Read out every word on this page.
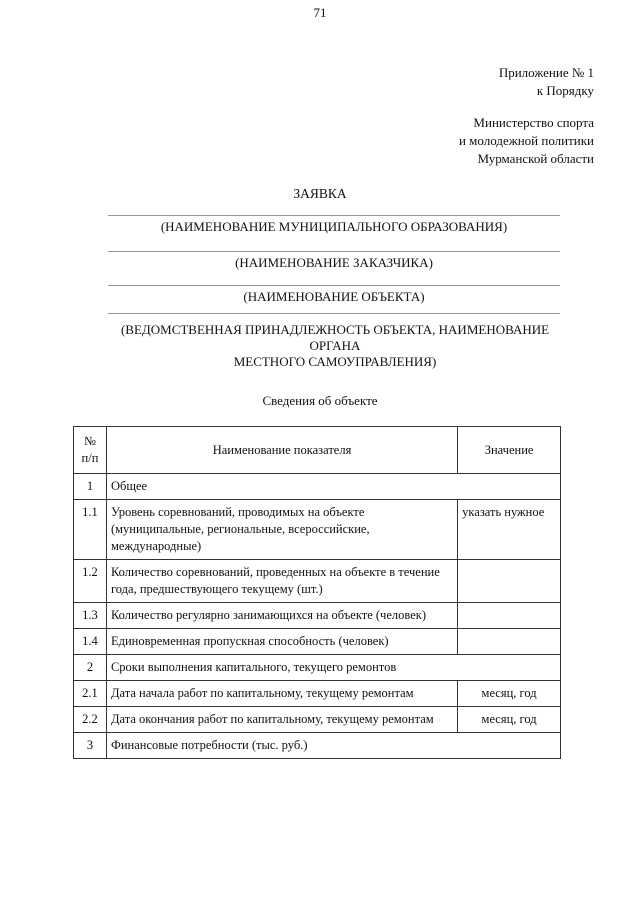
71
Приложение № 1
к Порядку
Министерство спорта
и молодежной политики
Мурманской области
ЗАЯВКА
(НАИМЕНОВАНИЕ МУНИЦИПАЛЬНОГО ОБРАЗОВАНИЯ)
(НАИМЕНОВАНИЕ ЗАКАЗЧИКА)
(НАИМЕНОВАНИЕ ОБЪЕКТА)
(ВЕДОМСТВЕННАЯ ПРИНАДЛЕЖНОСТЬ ОБЪЕКТА, НАИМЕНОВАНИЕ
ОРГАНА
МЕСТНОГО САМОУПРАВЛЕНИЯ)
Сведения об объекте
№
п/п	Наименование показателя	Значение
1	Общее	
1.1	Уровень соревнований, проводимых на объекте (муниципальные, региональные, всероссийские, международные)	указать нужное
1.2	Количество соревнований, проведенных на объекте в течение года, предшествующего текущему (шт.)	
1.3	Количество регулярно занимающихся на объекте (человек)	
1.4	Единовременная пропускная способность (человек)	
2	Сроки выполнения капитального, текущего ремонтов	
2.1	Дата начала работ по капитальному, текущему ремонтам	месяц, год
2.2	Дата окончания работ по капитальному, текущему ремонтам	месяц, год
3	Финансовые потребности (тыс. руб.)	
